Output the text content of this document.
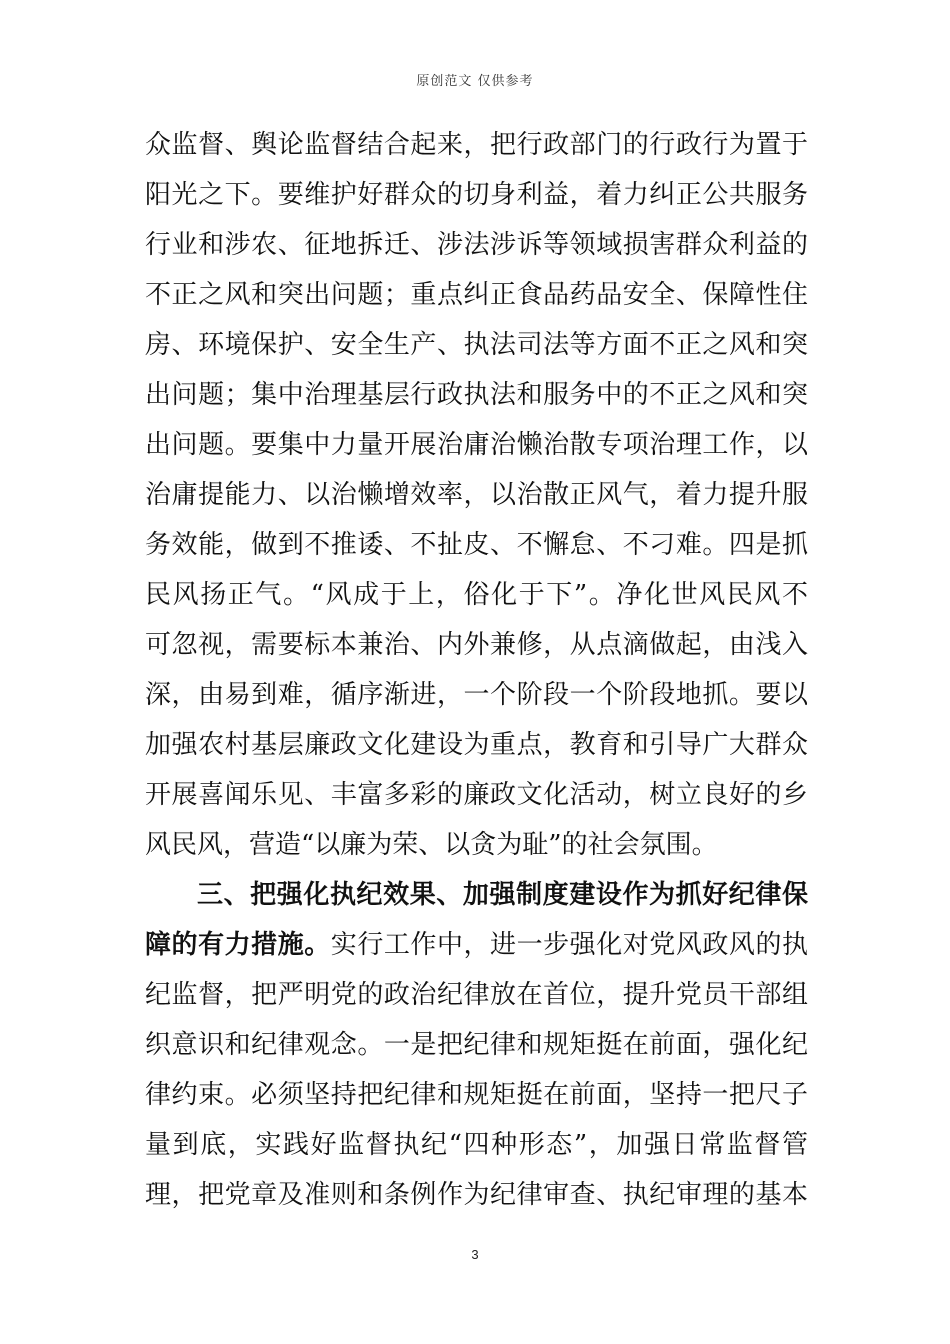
原创范文 仅供参考
众监督、舆论监督结合起来，把行政部门的行政行为置于
阳光之下。要维护好群众的切身利益，着力纠正公共服务
行业和涉农、征地拆迁、涉法涉诉等领域损害群众利益的
不正之风和突出问题；重点纠正食品药品安全、保障性住
房、环境保护、安全生产、执法司法等方面不正之风和突
出问题；集中治理基层行政执法和服务中的不正之风和突
出问题。要集中力量开展治庸治懒治散专项治理工作，以
治庸提能力、以治懒增效率，以治散正风气，着力提升服
务效能，做到不推诿、不扯皮、不懈怠、不刁难。四是抓
民风扬正气。“风成于上，俗化于下”。净化世风民风不
可忽视，需要标本兼治、内外兼修，从点滴做起，由浅入
深，由易到难，循序渐进，一个阶段一个阶段地抓。要以
加强农村基层廉政文化建设为重点，教育和引导广大群众
开展喜闻乐见、丰富多彩的廉政文化活动，树立良好的乡
风民风，营造“以廉为荣、以贪为耻”的社会氛围。
三、把强化执纪效果、加强制度建设作为抓好纪律保
障的有力措施。实行工作中，进一步强化对党风政风的执
纪监督，把严明党的政治纪律放在首位，提升党员干部组
织意识和纪律观念。一是把纪律和规矩挺在前面，强化纪
律约束。必须坚持把纪律和规矩挺在前面，坚持一把尺子
量到底，实践好监督执纪“四种形态”，加强日常监督管
理，把党章及准则和条例作为纪律审查、执纪审理的基本
3
